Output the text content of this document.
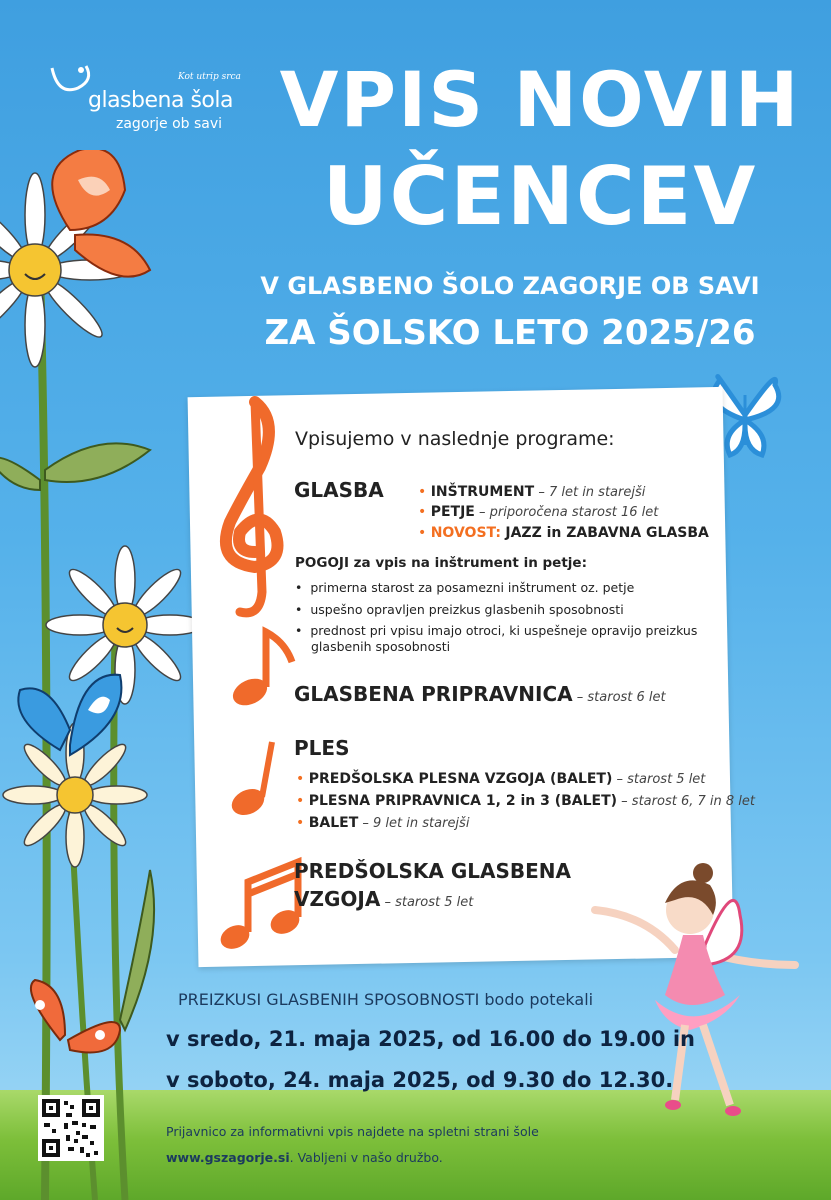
Kot utrip srca
glasbena šola
zagorje ob savi VPIS NOVIH
UČENCEV
V GLASBENO ŠOLO ZAGORJE OB SAVI
ZA ŠOLSKO LETO 2025/26
Vpisujemo v naslednje programe:
GLASBA • INŠTRUMENT – 7 let in starejši
• PETJE – priporočena starost 16 let
• NOVOST: JAZZ in ZABAVNA GLASBA
POGOJI za vpis na inštrument in petje:
•  primerna starost za posamezni inštrument oz. petje
•  uspešno opravljen preizkus glasbenih sposobnosti
•  prednost pri vpisu imajo otroci, ki uspešneje opravijo preizkus
glasbenih sposobnosti
GLASBENA PRIPRAVNICA – starost 6 let
PLES
• PREDŠOLSKA PLESNA VZGOJA (BALET) – starost 5 let
• PLESNA PRIPRAVNICA 1, 2 in 3 (BALET) – starost 6, 7 in 8 let
• BALET – 9 let in starejši
PREDŠOLSKA GLASBENA
VZGOJA – starost 5 let
PREIZKUSI GLASBENIH SPOSOBNOSTI bodo potekali
v sredo, 21. maja 2025, od 16.00 do 19.00 in
v soboto, 24. maja 2025, od 9.30 do 12.30.
Prijavnico za informativni vpis najdete na spletni strani šole
www.gszagorje.si. Vabljeni v našo družbo.
